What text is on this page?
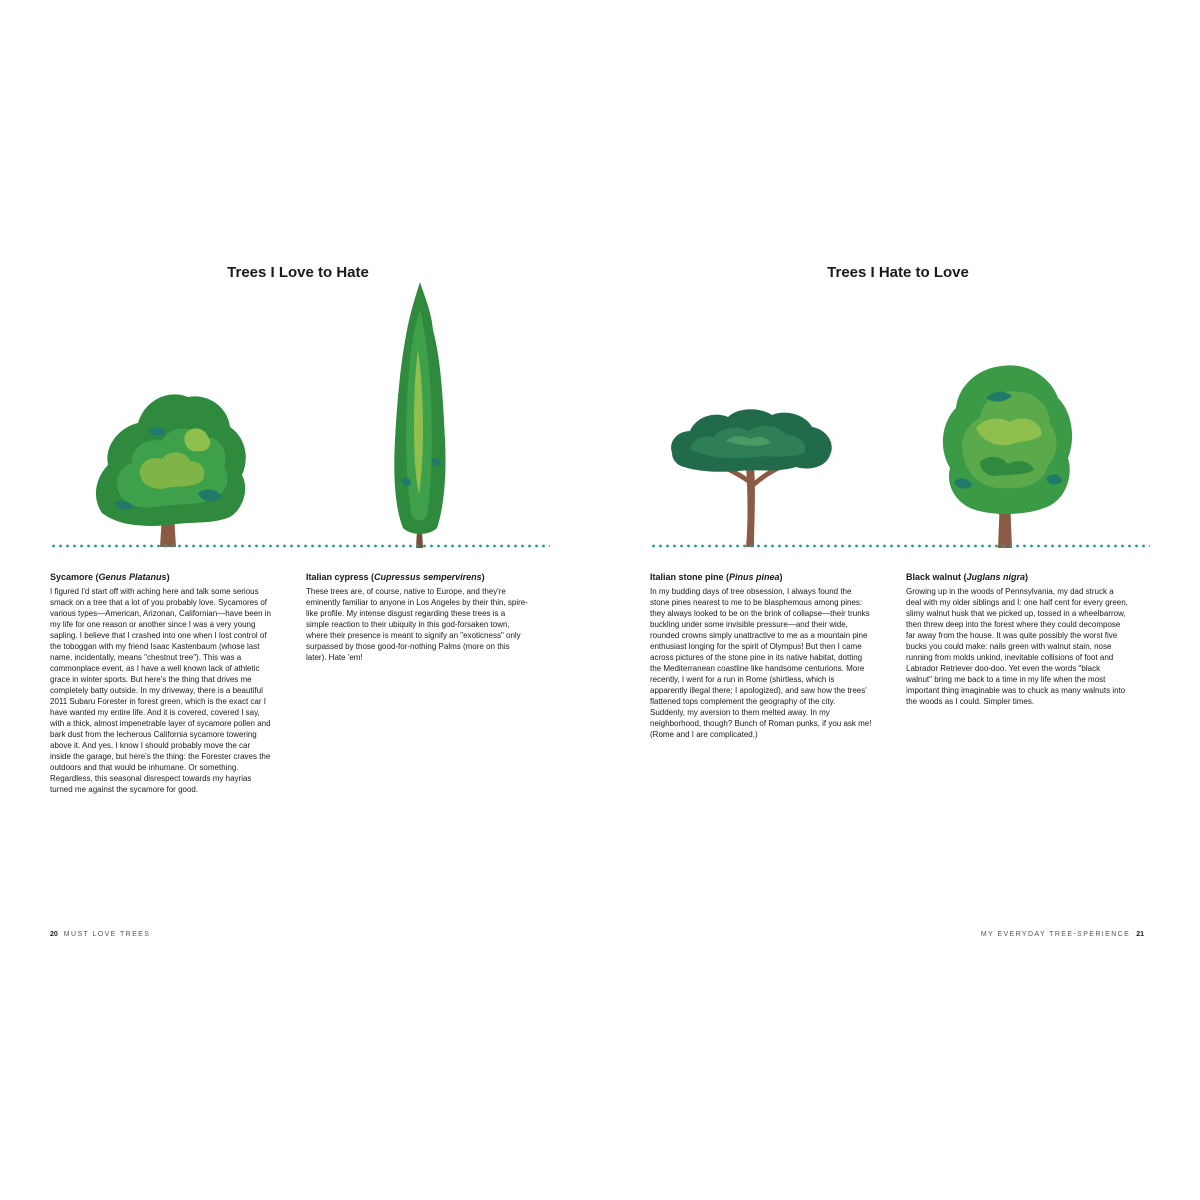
Trees I Love to Hate
Sycamore (Genus Platanus)

I figured I'd start off with aching here and talk some serious smack on a tree that a lot of you probably love. Sycamores of various types—American, Arizonan, Californian—have been in my life for one reason or another since I was a very young sapling. I believe that I crashed into one when I lost control of the toboggan with my friend Isaac Kastenbaum (whose last name, incidentally, means "chestnut tree"). This was a commonplace event, as I have a well known lack of athletic grace in winter sports. But here's the thing that drives me completely batty outside. In my driveway, there is a beautiful 2011 Subaru Forester in forest green, which is the exact car I have wanted my entire life. And it is covered, covered I say, with a thick, almost impenetrable layer of sycamore pollen and bark dust from the lecherous California sycamore towering above it. And yes, I know I should probably move the car inside the garage, but here's the thing: the Forester craves the outdoors and that would be inhumane. Or something. Regardless, this seasonal disrespect towards my hayrias turned me against the sycamore for good.

Italian cypress (Cupressus sempervirens)

These trees are, of course, native to Europe, and they're eminently familiar to anyone in Los Angeles by their thin, spire-like profile. My intense disgust regarding these trees is a simple reaction to their ubiquity in this god-forsaken town, where their presence is meant to signify an "exoticness" only surpassed by those good-for-nothing Palms (more on this later). Hate 'em!

20 MUST LOVE TREES
Trees I Hate to Love
Italian stone pine (Pinus pinea)

In my budding days of tree obsession, I always found the stone pines nearest to me to be blasphemous among pines: they always looked to be on the brink of collapse—their trunks buckling under some invisible pressure—and their wide, rounded crowns simply unattractive to me as a mountain pine enthusiast longing for the spirit of Olympus! But then I came across pictures of the stone pine in its native habitat, dotting the Mediterranean coastline like handsome centurions. More recently, I went for a run in Rome (shirtless, which is apparently illegal there; I apologized), and saw how the trees' flattened tops complement the geography of the city. Suddenly, my aversion to them melted away. In my neighborhood, though? Bunch of Roman punks, if you ask me! (Rome and I are complicated.)

Black walnut (Juglans nigra)

Growing up in the woods of Pennsylvania, my dad struck a deal with my older siblings and I: one half cent for every green, slimy walnut husk that we picked up, tossed in a wheelbarrow, then threw deep into the forest where they could decompose far away from the house. It was quite possibly the worst five bucks you could make: nails green with walnut stain, nose running from molds unkind, inevitable collisions of foot and Labrador Retriever doo-doo. Yet even the words "black walnut" bring me back to a time in my life when the most important thing imaginable was to chuck as many walnuts into the woods as I could. Simpler times.

MY EVERYDAY TREE-SPERIENCE 21
